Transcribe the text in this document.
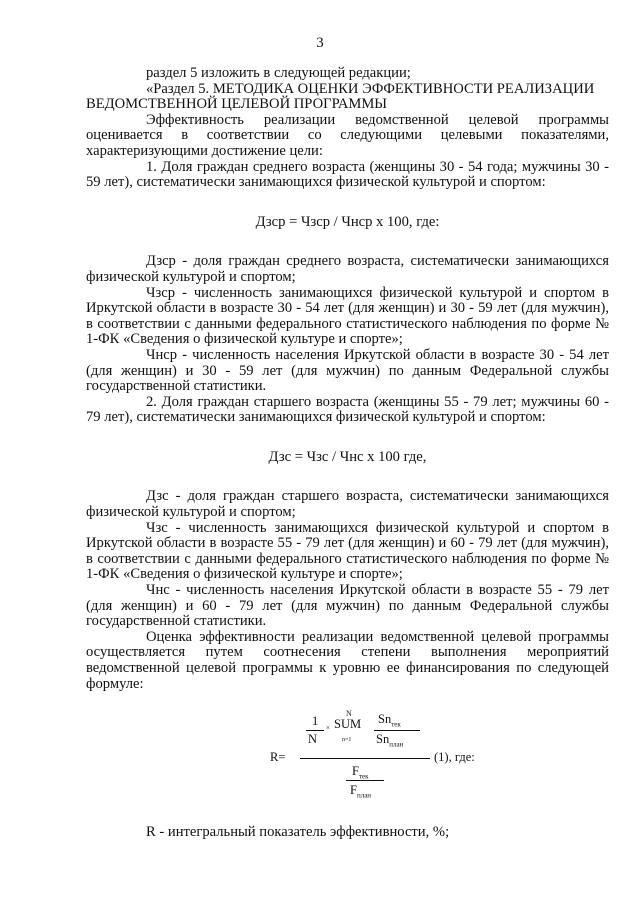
3

раздел 5 изложить в следующей редакции;

«Раздел 5. МЕТОДИКА ОЦЕНКИ ЭФФЕКТИВНОСТИ РЕАЛИЗАЦИИ
ВЕДОМСТВЕННОЙ ЦЕЛЕВОЙ ПРОГРАММЫ

Эффективность реализации ведомственной целевой программы оценивается в соответствии со следующими целевыми показателями, характеризующими достижение цели:

1. Доля граждан среднего возраста (женщины 30 - 54 года; мужчины 30 - 59 лет), систематически занимающихся физической культурой и спортом:

Дзср = Чзср / Чнср х 100, где:

Дзср - доля граждан среднего возраста, систематически занимающихся физической культурой и спортом;

Чзср - численность занимающихся физической культурой и спортом в Иркутской области в возрасте 30 - 54 лет (для женщин) и 30 - 59 лет (для мужчин), в соответствии с данными федерального статистического наблюдения по форме № 1-ФК «Сведения о физической культуре и спорте»;

Чнср - численность населения Иркутской области в возрасте 30 - 54 лет (для женщин) и 30 - 59 лет (для мужчин) по данным Федеральной службы государственной статистики.

2. Доля граждан старшего возраста (женщины 55 - 79 лет; мужчины 60 - 79 лет), систематически занимающихся физической культурой и спортом:

Дзс = Чзс / Чнс х 100 где,

Дзс - доля граждан старшего возраста, систематически занимающихся физической культурой и спортом;

Чзс - численность занимающихся физической культурой и спортом в Иркутской области в возрасте 55 - 79 лет (для женщин) и 60 - 79 лет (для мужчин), в соответствии с данными федерального статистического наблюдения по форме № 1-ФК «Сведения о физической культуре и спорте»;

Чнс - численность населения Иркутской области в возрасте 55 - 79 лет (для женщин) и 60 - 79 лет (для мужчин) по данным Федеральной службы государственной статистики.

Оценка эффективности реализации ведомственной целевой программы осуществляется путем соотнесения степени выполнения мероприятий ведомственной целевой программы к уровню ее финансирования по следующей формуле:

1
N
×
N
SUM
n=1
$Sn_{тек}$
$Sn_{план}$
R=	(1), где:
$F_{тек}$
$F_{план}$

R - интегральный показатель эффективности, %;
